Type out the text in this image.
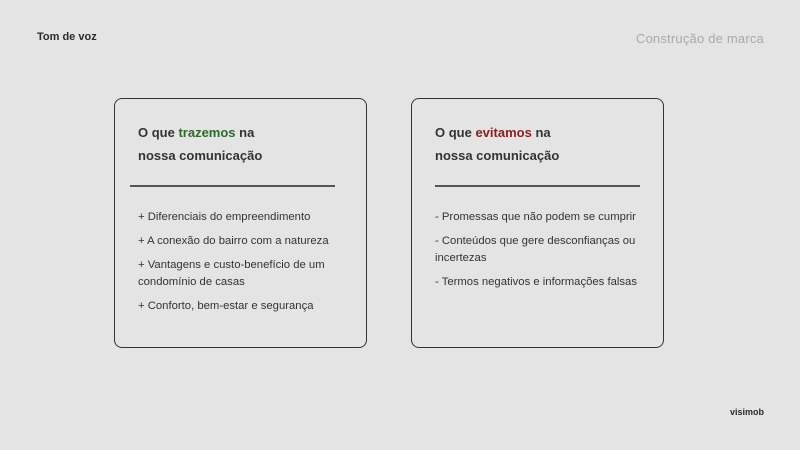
Tom de voz	Construção de marca
O que trazemos na
nossa comunicação
+ Diferenciais do empreendimento
+ A conexão do bairro com a natureza
+ Vantagens e custo-benefício de um condomínio de casas
+ Conforto, bem-estar e segurança
O que evitamos na
nossa comunicação
- Promessas que não podem se cumprir
- Conteúdos que gere desconfianças ou incertezas
- Termos negativos e informações falsas
visimob
